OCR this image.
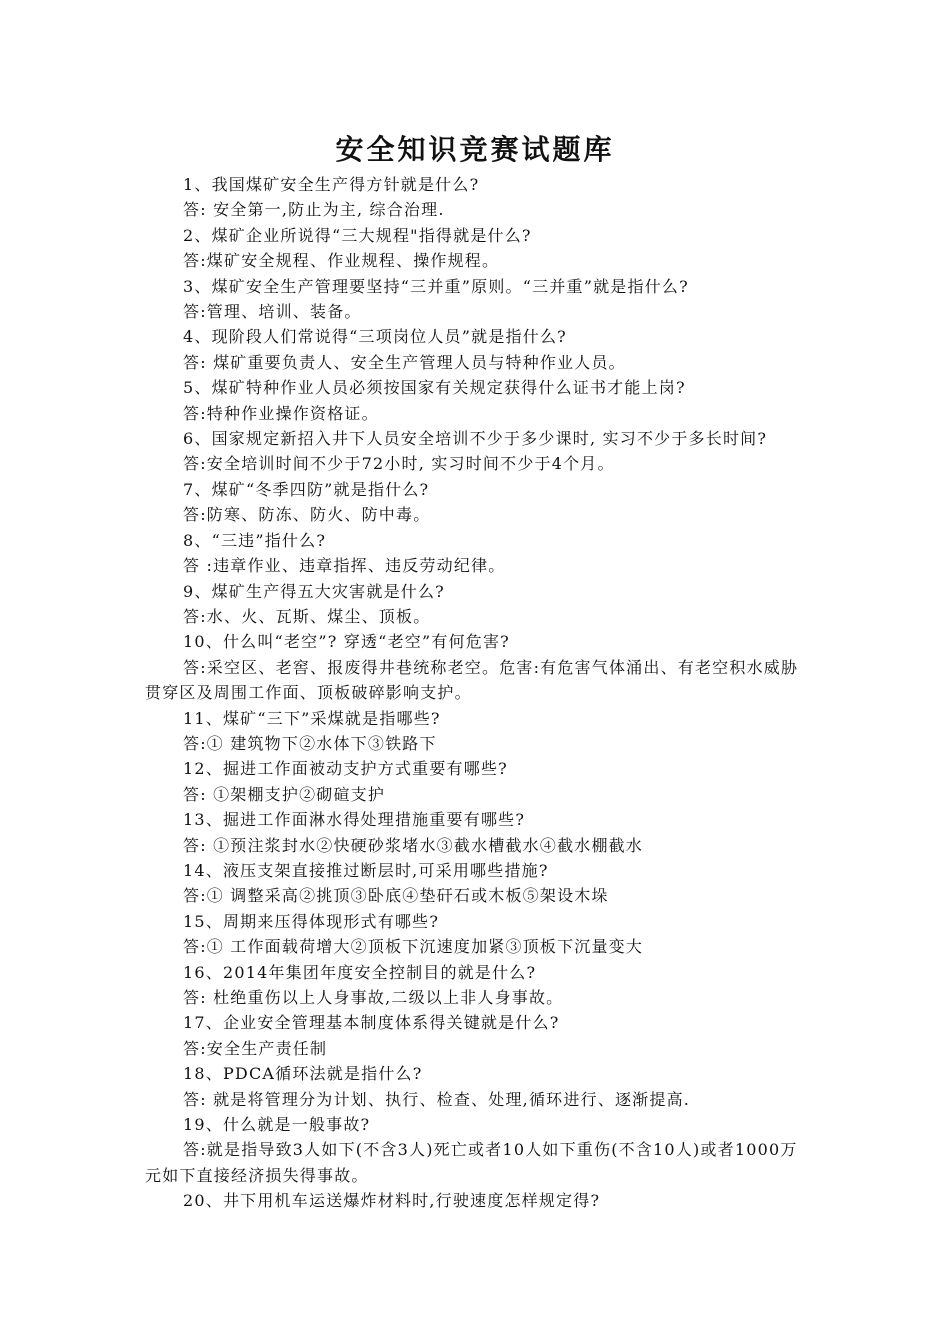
安全知识竞赛试题库

1、我国煤矿安全生产得方针就是什么?

答: 安全第一,防止为主, 综合治理.

2、煤矿企业所说得“三大规程"指得就是什么?

答:煤矿安全规程、作业规程、操作规程。

3、煤矿安全生产管理要坚持“三并重”原则。“三并重”就是指什么?

答:管理、培训、装备。

4、现阶段人们常说得“三项岗位人员”就是指什么?

答: 煤矿重要负责人、安全生产管理人员与特种作业人员。

5、煤矿特种作业人员必须按国家有关规定获得什么证书才能上岗?

答:特种作业操作资格证。

6、国家规定新招入井下人员安全培训不少于多少课时, 实习不少于多长时间?

答:安全培训时间不少于72小时, 实习时间不少于4个月。

7、煤矿“冬季四防”就是指什么?

答:防寒、防冻、防火、防中毒。

8、“三违”指什么?

答 :违章作业、违章指挥、违反劳动纪律。

9、煤矿生产得五大灾害就是什么?

答:水、火、瓦斯、煤尘、顶板。

10、什么叫“老空”? 穿透“老空”有何危害?

答:采空区、老窖、报废得井巷统称老空。危害:有危害气体涌出、有老空积水威胁贯穿区及周围工作面、顶板破碎影响支护。

11、煤矿“三下”采煤就是指哪些?

答:① 建筑物下②水体下③铁路下

12、掘进工作面被动支护方式重要有哪些?

答: ①架棚支护②砌碹支护

13、掘进工作面淋水得处理措施重要有哪些?

答: ①预注浆封水②快硬砂浆堵水③截水槽截水④截水棚截水

14、液压支架直接推过断层时,可采用哪些措施?

答:① 调整采高②挑顶③卧底④垫矸石或木板⑤架设木垛

15、周期来压得体现形式有哪些?

答:① 工作面载荷增大②顶板下沉速度加紧③顶板下沉量变大

16、2014年集团年度安全控制目的就是什么?

答: 杜绝重伤以上人身事故,二级以上非人身事故。

17、企业安全管理基本制度体系得关键就是什么?

答:安全生产责任制

18、PDCA循环法就是指什么?

答: 就是将管理分为计划、执行、检查、处理,循环进行、逐渐提高.

19、什么就是一般事故?

答:就是指导致3人如下(不含3人)死亡或者10人如下重伤(不含10人)或者1000万元如下直接经济损失得事故。

20、井下用机车运送爆炸材料时,行驶速度怎样规定得?
